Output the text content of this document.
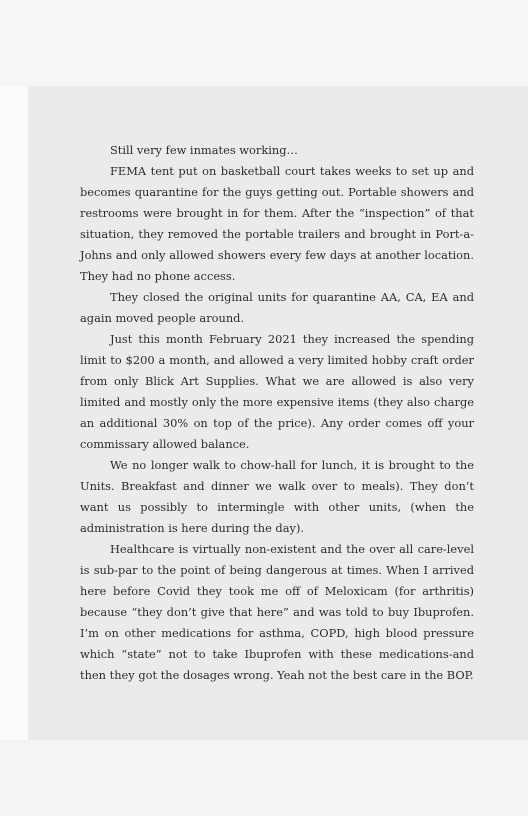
Still very few inmates working…

FEMA tent put on basketball court takes weeks to set up and becomes quarantine for the guys getting out. Portable showers and restrooms were brought in for them. After the “inspection” of that situation, they removed the portable trailers and brought in Port-a-Johns and only allowed showers every few days at another location. They had no phone access.

They closed the original units for quarantine AA, CA, EA and again moved people around.

Just this month February 2021 they increased the spending limit to $200 a month, and allowed a very limited hobby craft order from only Blick Art Supplies. What we are allowed is also very limited and mostly only the more expensive items (they also charge an additional 30% on top of the price). Any order comes off your commissary allowed balance.

We no longer walk to chow-hall for lunch, it is brought to the Units. Breakfast and dinner we walk over to meals). They don’t want us possibly to intermingle with other units, (when the administration is here during the day).

Healthcare is virtually non-existent and the over all care-level is sub-par to the point of being dangerous at times. When I arrived here before Covid they took me off of Meloxicam (for arthritis) because “they don’t give that here” and was told to buy Ibuprofen. I’m on other medications for asthma, COPD, high blood pressure which “state” not to take Ibuprofen with these medications-and then they got the dosages wrong. Yeah not the best care in the BOP.
